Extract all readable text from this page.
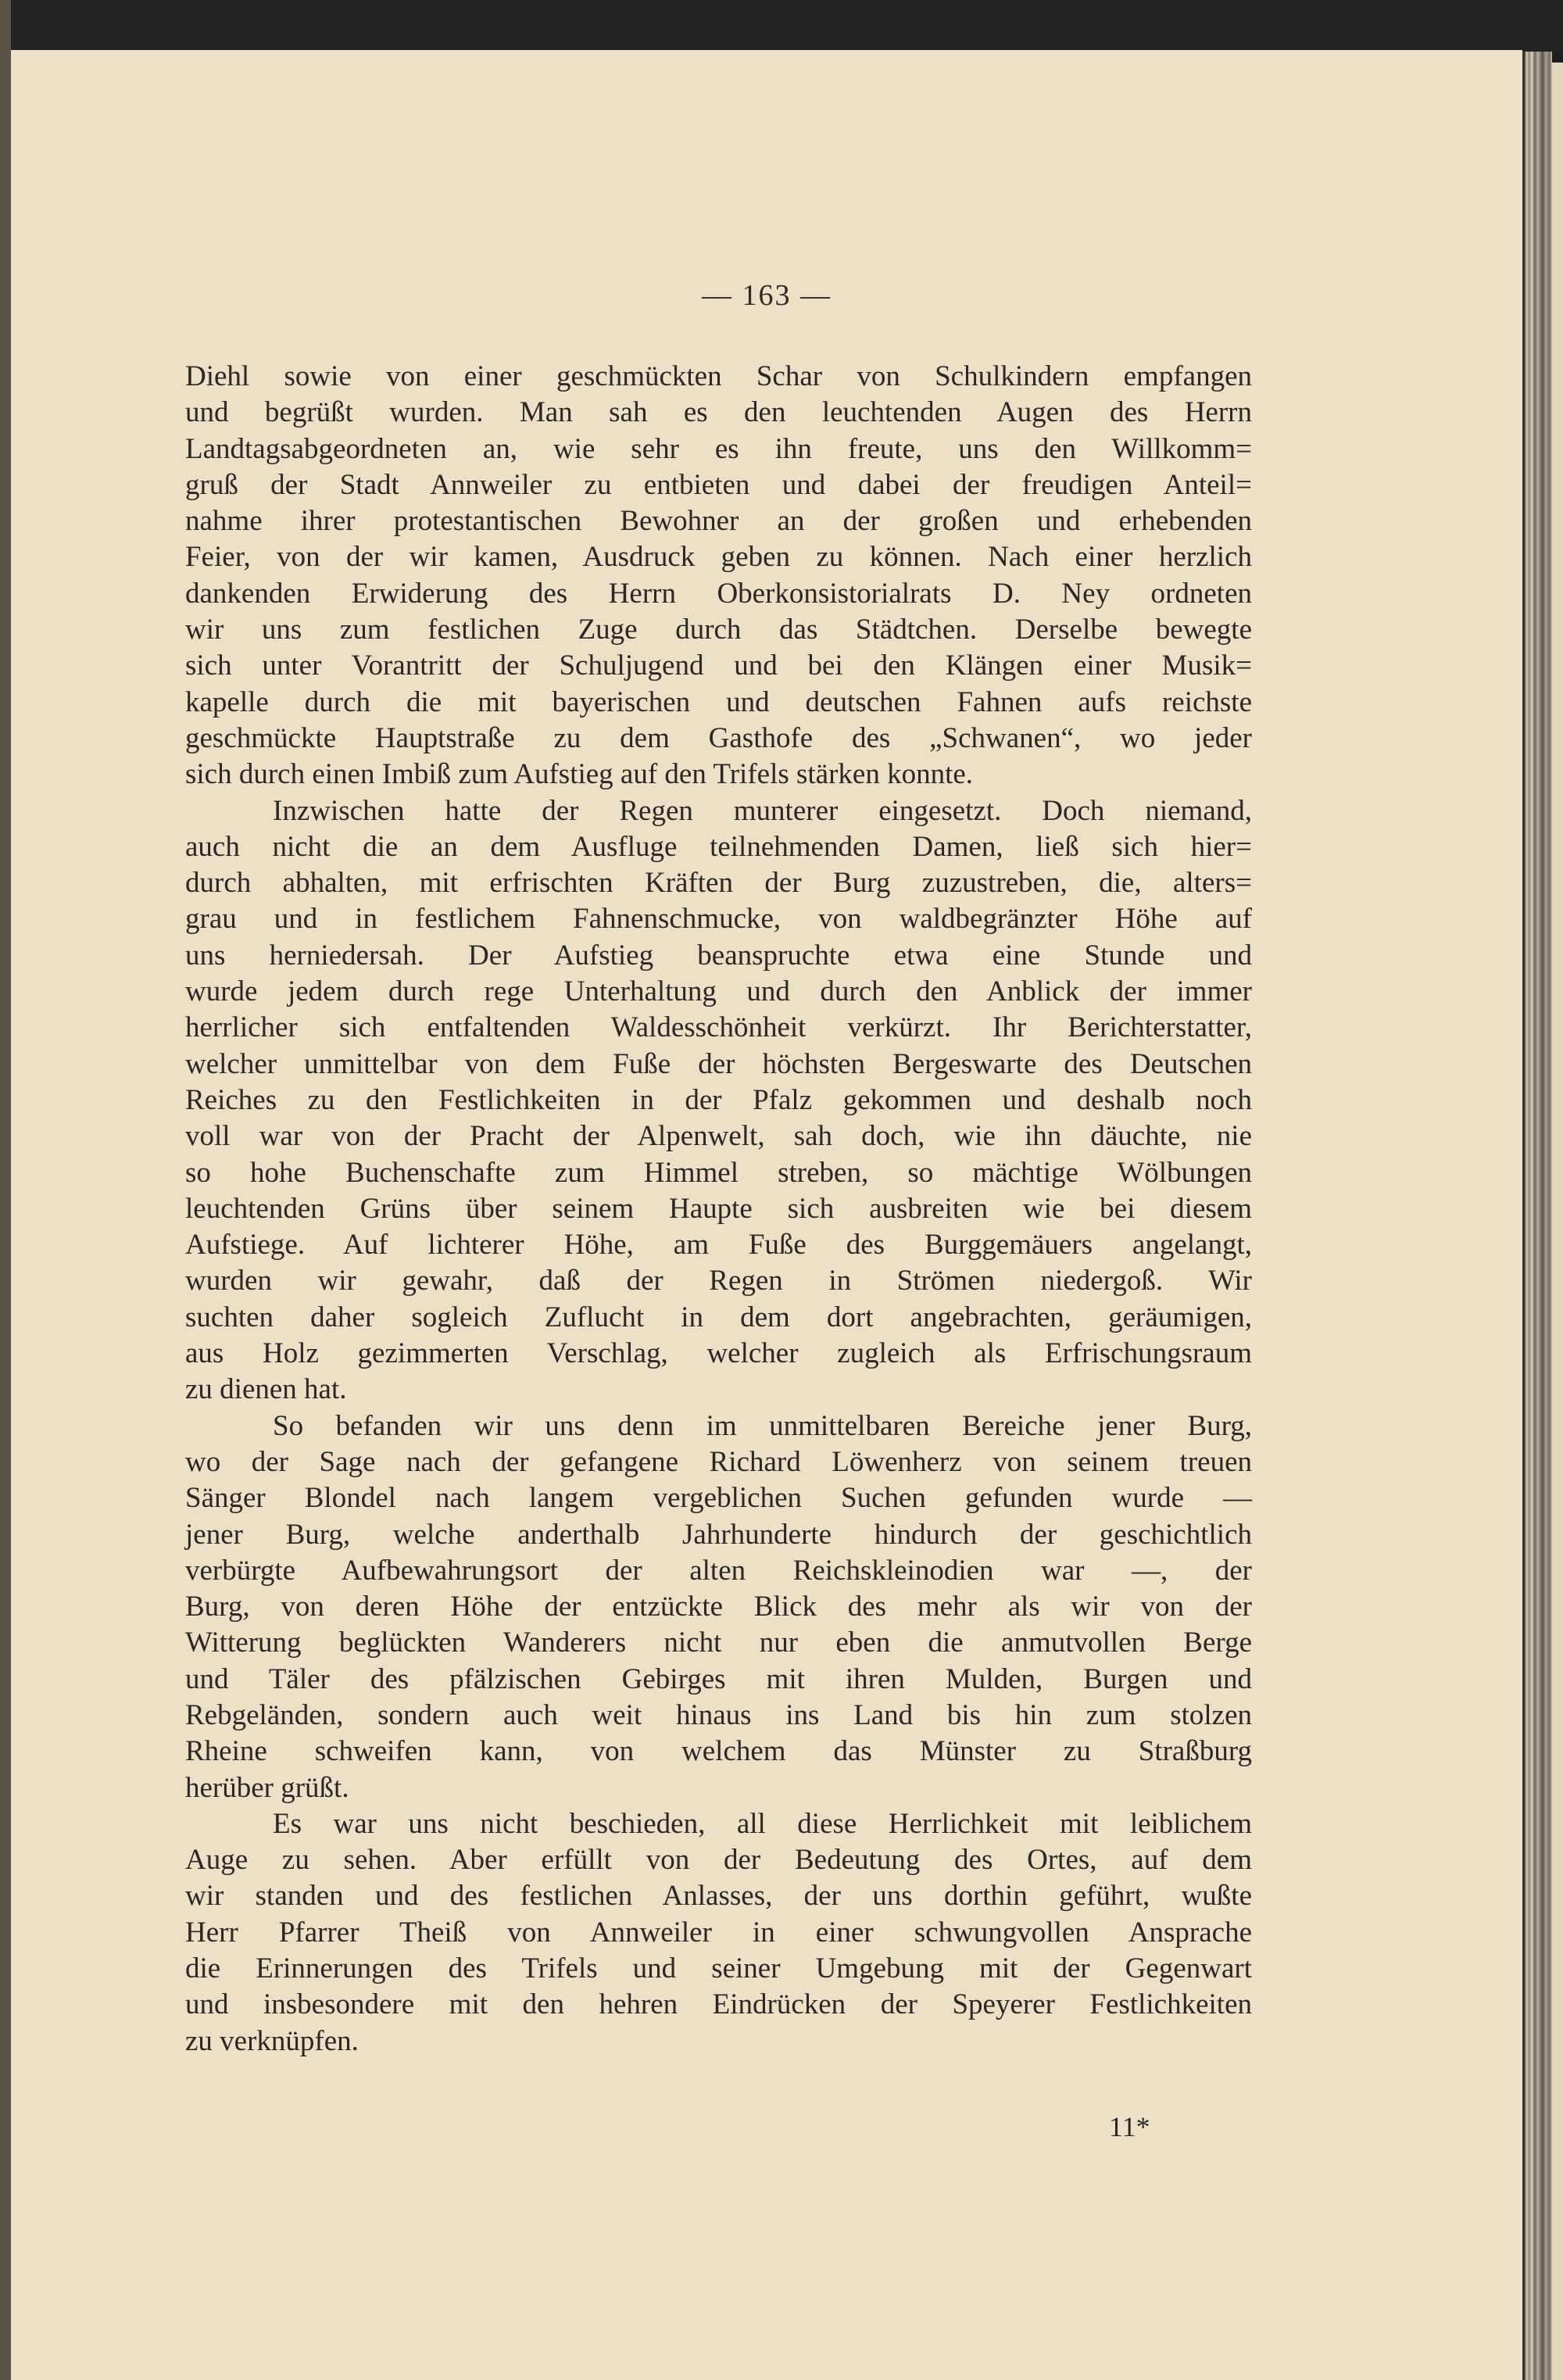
— 163 —
Diehl sowie von einer geschmückten Schar von Schulkindern empfangen
und begrüßt wurden. Man sah es den leuchtenden Augen des Herrn
Landtagsabgeordneten an, wie sehr es ihn freute, uns den Willkomm=
gruß der Stadt Annweiler zu entbieten und dabei der freudigen Anteil=
nahme ihrer protestantischen Bewohner an der großen und erhebenden
Feier, von der wir kamen, Ausdruck geben zu können. Nach einer herzlich
dankenden Erwiderung des Herrn Oberkonsistorialrats D. Ney ordneten
wir uns zum festlichen Zuge durch das Städtchen. Derselbe bewegte
sich unter Vorantritt der Schuljugend und bei den Klängen einer Musik=
kapelle durch die mit bayerischen und deutschen Fahnen aufs reichste
geschmückte Hauptstraße zu dem Gasthofe des „Schwanen“, wo jeder
sich durch einen Imbiß zum Aufstieg auf den Trifels stärken konnte.
Inzwischen hatte der Regen munterer eingesetzt. Doch niemand,
auch nicht die an dem Ausfluge teilnehmenden Damen, ließ sich hier=
durch abhalten, mit erfrischten Kräften der Burg zuzustreben, die, alters=
grau und in festlichem Fahnenschmucke, von waldbegränzter Höhe auf
uns herniedersah. Der Aufstieg beanspruchte etwa eine Stunde und
wurde jedem durch rege Unterhaltung und durch den Anblick der immer
herrlicher sich entfaltenden Waldesschönheit verkürzt. Ihr Berichterstatter,
welcher unmittelbar von dem Fuße der höchsten Bergeswarte des Deutschen
Reiches zu den Festlichkeiten in der Pfalz gekommen und deshalb noch
voll war von der Pracht der Alpenwelt, sah doch, wie ihn däuchte, nie
so hohe Buchenschafte zum Himmel streben, so mächtige Wölbungen
leuchtenden Grüns über seinem Haupte sich ausbreiten wie bei diesem
Aufstiege. Auf lichterer Höhe, am Fuße des Burggemäuers angelangt,
wurden wir gewahr, daß der Regen in Strömen niedergoß. Wir
suchten daher sogleich Zuflucht in dem dort angebrachten, geräumigen,
aus Holz gezimmerten Verschlag, welcher zugleich als Erfrischungsraum
zu dienen hat.
So befanden wir uns denn im unmittelbaren Bereiche jener Burg,
wo der Sage nach der gefangene Richard Löwenherz von seinem treuen
Sänger Blondel nach langem vergeblichen Suchen gefunden wurde —
jener Burg, welche anderthalb Jahrhunderte hindurch der geschichtlich
verbürgte Aufbewahrungsort der alten Reichskleinodien war —, der
Burg, von deren Höhe der entzückte Blick des mehr als wir von der
Witterung beglückten Wanderers nicht nur eben die anmutvollen Berge
und Täler des pfälzischen Gebirges mit ihren Mulden, Burgen und
Rebgeländen, sondern auch weit hinaus ins Land bis hin zum stolzen
Rheine schweifen kann, von welchem das Münster zu Straßburg
herüber grüßt.
Es war uns nicht beschieden, all diese Herrlichkeit mit leiblichem
Auge zu sehen. Aber erfüllt von der Bedeutung des Ortes, auf dem
wir standen und des festlichen Anlasses, der uns dorthin geführt, wußte
Herr Pfarrer Theiß von Annweiler in einer schwungvollen Ansprache
die Erinnerungen des Trifels und seiner Umgebung mit der Gegenwart
und insbesondere mit den hehren Eindrücken der Speyerer Festlichkeiten
zu verknüpfen.
11*
